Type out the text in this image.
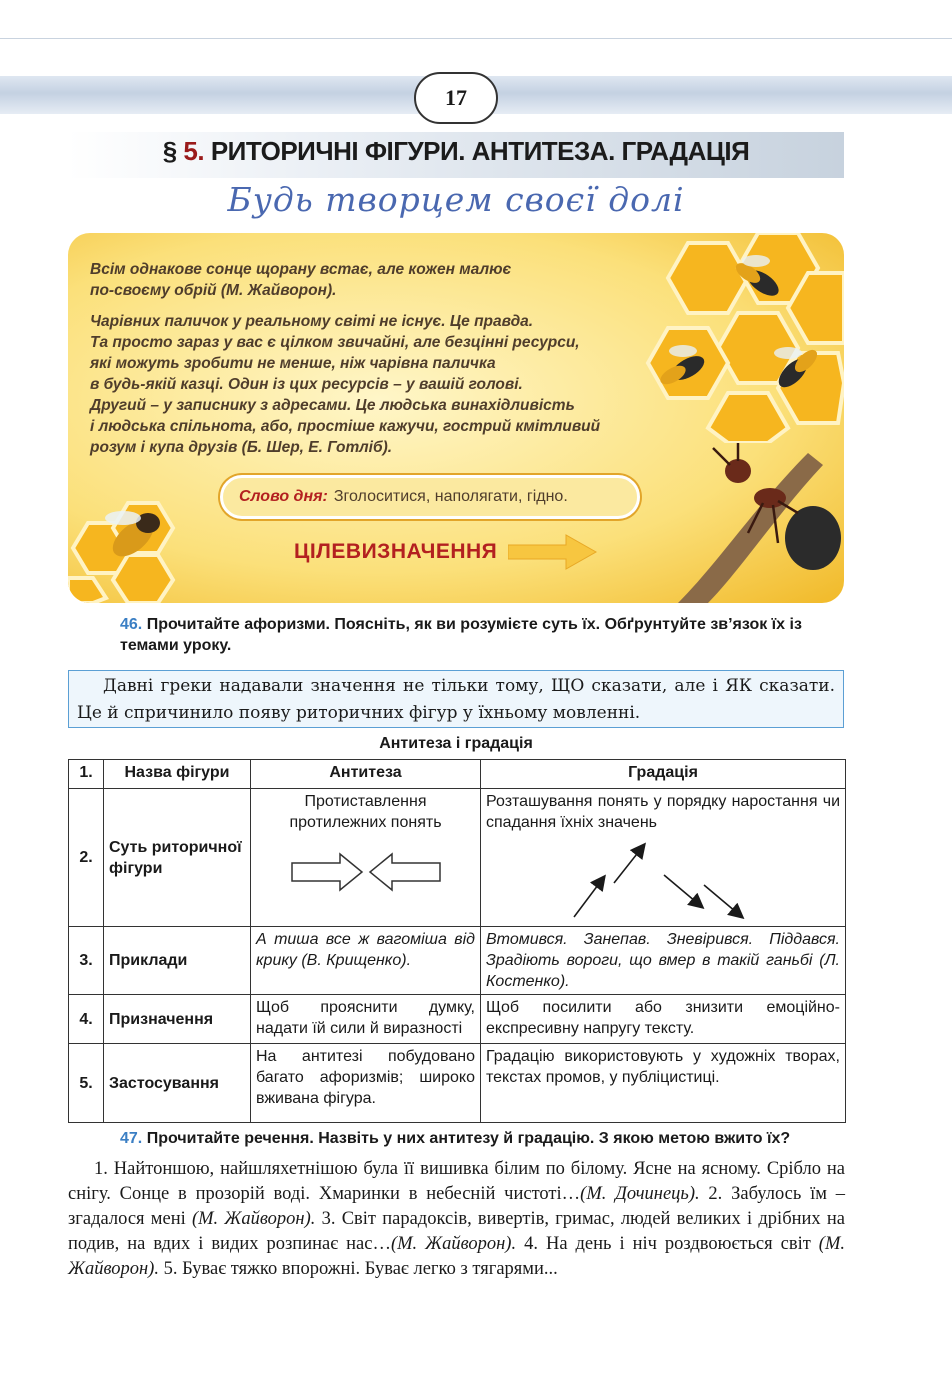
17
§ 5. РИТОРИЧНІ ФІГУРИ. АНТИТЕЗА. ГРАДАЦІЯ
Будь творцем своєї долі
Всім однакове сонце щорану встає, але кожен малює
по-своєму обрій (М. Жайворон).
Чарівних паличок у реальному світі не існує. Це правда.
Та просто зараз у вас є цілком звичайні, але безцінні ресурси,
які можуть зробити не менше, ніж чарівна паличка
в будь-якій казці. Один із цих ресурсів – у вашій голові.
Другий – у записнику з адресами. Це людська винахідливість
і людська спільнота, або, простіше кажучи, гострий кмітливий
розум і купа друзів (Б. Шер, Е. Готліб).
Слово дня: Зголоситися, наполягати, гідно.
ЦІЛЕВИЗНАЧЕННЯ
46. Прочитайте афоризми. Поясніть, як ви розумієте суть їх. Обґрунтуйте зв’язок їх із темами уроку.
Давні греки надавали значення не тільки тому, ЩО сказати, але і ЯК сказати. Це й спричинило появу риторичних фігур у їхньому мовленні.
Антитеза і градація
1.	Назва фігури	Антитеза	Градація
2.	Суть риторичної фігури	Протиставлення протилежних понять	Розташування понять у порядку наростання чи спадання їхніх значень

3.	Приклади	А тиша все ж вагоміша від крику (В. Крищенко).	Втомився. Занепав. Зневірився. Піддався. Зрадіють вороги, що вмер в такій ганьбі (Л. Костенко).
4.	Призначення	Щоб прояснити думку, надати їй сили й виразності	Щоб посилити або знизити емоційно-експресивну напругу тексту.
5.	Застосування	На антитезі побудовано багато афоризмів; широко вживана фігура.	Градацію використовують у художніх творах, текстах промов, у публіцистиці.
47. Прочитайте речення. Назвіть у них антитезу й градацію. З якою метою вжито їх?
1. Найтоншою, найшляхетнішою була її вишивка білим по білому. Ясне на ясному. Срібло на снігу. Сонце в прозорій воді. Хмаринки в небесній чистоті…(М. Дочинець). 2. Забулось їм – згадалося мені (М. Жайворон). 3. Світ парадоксів, вивертів, гримас, людей великих і дрібних на подив, на вдих і видих розпинає нас…(М. Жайворон). 4. На день і ніч роздвоюється світ (М. Жайворон). 5. Буває тяжко впорожні. Буває легко з тягарями...
